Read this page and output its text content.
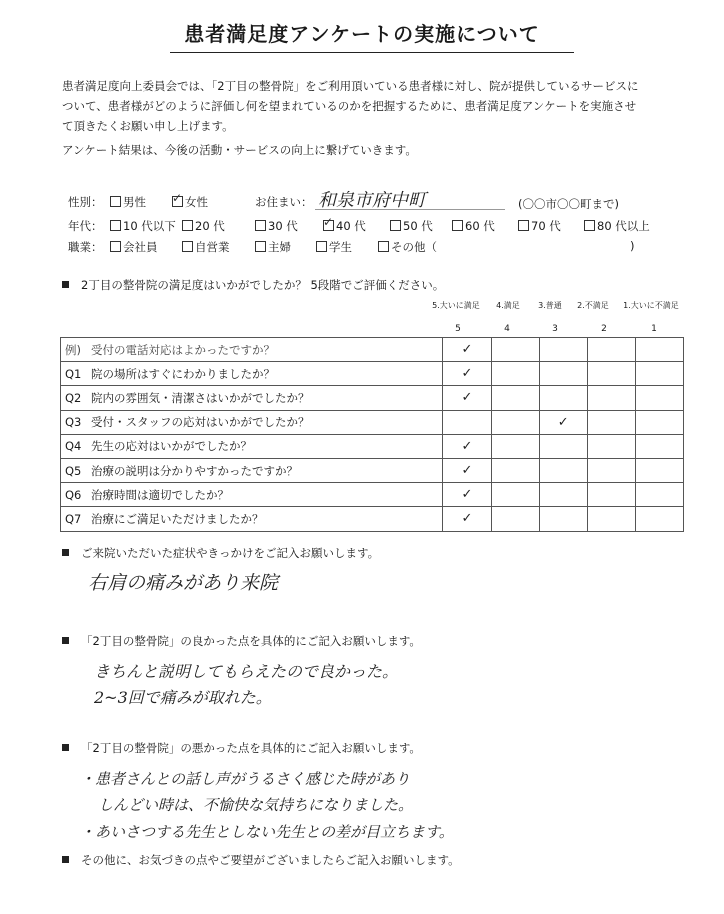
患者満足度アンケートの実施について
患者満足度向上委員会では、「2丁目の整骨院」をご利用頂いている患者様に対し、院が提供しているサービスに
ついて、患者様がどのように評価し何を望まれているのかを把握するために、患者満足度アンケートを実施させ
て頂きたくお願い申し上げます。
アンケート結果は、今後の活動・サービスの向上に繋げていきます。
性別：	男性 ✓	女性	お住まい： 和泉市府中町	(〇〇市〇〇町まで)
年代：	10 代以下	20 代	30 代 ✓	40 代	50 代	60 代	70 代	80 代以上
職業：	会社員	自営業	主婦	学生	その他（	)
2丁目の整骨院の満足度はいかがでしたか？ 5段階でご評価ください。
5.大いに満足	4.満足	3.普通	2.不満足	1.大いに不満足
5	4	3	2	1
例) 受付の電話対応はよかったですか？	✓				
Q1 院の場所はすぐにわかりましたか？	✓				
Q2 院内の雰囲気・清潔さはいかがでしたか？	✓				
Q3 受付・スタッフの応対はいかがでしたか？			✓		
Q4 先生の応対はいかがでしたか？	✓				
Q5 治療の説明は分かりやすかったですか？	✓				
Q6 治療時間は適切でしたか？	✓				
Q7 治療にご満足いただけましたか？	✓				
ご来院いただいた症状やきっかけをご記入お願いします。
右肩の痛みがあり来院
「2丁目の整骨院」の良かった点を具体的にご記入お願いします。
きちんと説明してもらえたので良かった。
2~3回で痛みが取れた。
「2丁目の整骨院」の悪かった点を具体的にご記入お願いします。
・患者さんとの話し声がうるさく感じた時があり
しんどい時は、不愉快な気持ちになりました。
・あいさつする先生としない先生との差が目立ちます。
その他に、お気づきの点やご要望がございましたらご記入お願いします。
